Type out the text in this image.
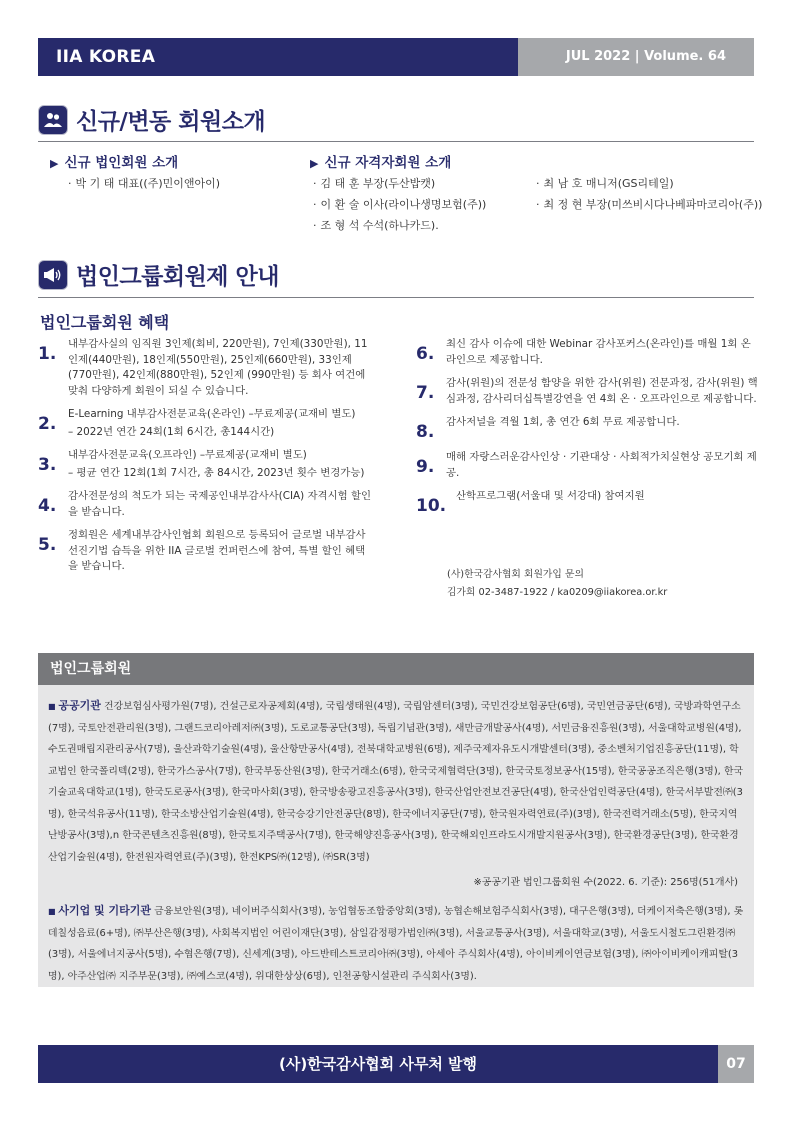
IIA KOREA	JUL 2022 | Volume. 64
신규/변동 회원소개
▶ 신규 법인회원 소개
· 박 기 태 대표((주)민이앤아이)
▶ 신규 자격자회원 소개
· 김 태 훈 부장(두산밥캣)
· 이 환 술 이사(라이나생명보험(주))
· 조 형 석 수석(하나카드).
· 최 남 호 매니저(GS리테일)
· 최 정 현 부장(미쓰비시다나베파마코리아(주))
법인그룹회원제 안내
법인그룹회원 혜택
1.	내부감사실의 임직원 3인제(회비, 220만원), 7인제(330만원), 11인제(440만원), 18인제(550만원), 25인제(660만원), 33인제(770만원), 42인제(880만원), 52인제 (990만원) 등 회사 여건에 맞춰 다양하게 회원이 되실 수 있습니다.
2.	E-Learning 내부감사전문교육(온라인) –무료제공(교재비 별도)
– 2022년 연간 24회(1회 6시간, 총144시간)
3.	내부감사전문교육(오프라인) –무료제공(교재비 별도)
– 평균 연간 12회(1회 7시간, 총 84시간, 2023년 횟수 변경가능)
4.	감사전문성의 척도가 되는 국제공인내부감사사(CIA) 자격시험 할인을 받습니다.
5.	정회원은 세계내부감사인협회 회원으로 등록되어 글로벌 내부감사선진기법 습득을 위한 IIA 글로벌 컨퍼런스에 참여, 특별 할인 혜택을 받습니다.
6.	최신 감사 이슈에 대한 Webinar 감사포커스(온라인)를 매월 1회 온라인으로 제공합니다.
7.	감사(위원)의 전문성 함양을 위한 감사(위원) 전문과정, 감사(위원) 핵심과정, 감사리더십특별강연을 연 4회 온 · 오프라인으로 제공합니다.
8.	감사저널을 격월 1회, 총 연간 6회 무료 제공합니다.
9.	매해 자랑스러운감사인상 · 기관대상 · 사회적가치실현상 공모기회 제공.
10. 산학프로그램(서울대 및 서강대) 참여지원
(사)한국감사협회 회원가입 문의
김가희 02-3487-1922 / ka0209@iiakorea.or.kr
법인그룹회원

■ 공공기관 건강보험심사평가원(7명), 건설근로자공제회(4명), 국립생태원(4명), 국립암센터(3명), 국민건강보험공단(6명), 국민연금공단(6명), 국방과학연구소(7명), 국토안전관리원(3명), 그랜드코리아레저㈜(3명), 도로교통공단(3명), 독립기념관(3명), 새만금개발공사(4명), 서민금융진흥원(3명), 서울대학교병원(4명), 수도권매립지관리공사(7명), 울산과학기술원(4명), 울산항만공사(4명), 전북대학교병원(6명), 제주국제자유도시개발센터(3명), 중소벤처기업진흥공단(11명), 학교법인 한국폴리텍(2명), 한국가스공사(7명), 한국부동산원(3명), 한국거래소(6명), 한국국제협력단(3명), 한국국토정보공사(15명), 한국공공조직은행(3명), 한국기술교육대학교(1명), 한국도로공사(3명), 한국마사회(3명), 한국방송광고진흥공사(3명), 한국산업안전보건공단(4명), 한국산업인력공단(4명), 한국서부발전㈜(3명), 한국석유공사(11명), 한국소방산업기술원(4명), 한국승강기안전공단(8명), 한국에너지공단(7명), 한국원자력연료(주)(3명), 한국전력거래소(5명), 한국지역난방공사(3명),n 한국콘텐츠진흥원(8명), 한국토지주택공사(7명), 한국해양진흥공사(3명), 한국해외인프라도시개발지원공사(3명), 한국환경공단(3명), 한국환경산업기술원(4명), 한전원자력연료(주)(3명), 한전KPS㈜(12명), ㈜SR(3명)

※공공기관 법인그룹회원 수(2022. 6. 기준): 256명(51개사)

■ 사기업 및 기타기관 금융보안원(3명), 네이버주식회사(3명), 농업협동조합중앙회(3명), 농협손해보험주식회사(3명), 대구은행(3명), 더케이저축은행(3명), 롯데칠성음료(6+명), ㈜부산은행(3명), 사회복지법인 어린이재단(3명), 삼일감정평가법인㈜(3명), 서울교통공사(3명), 서울대학교(3명), 서울도시철도그린환경㈜(3명), 서울에너지공사(5명), 수협은행(7명), 신세계(3명), 아드반테스트코리아㈜(3명), 아세아 주식회사(4명), 아이비케이연금보험(3명), ㈜아이비케이캐피탈(3명), 아주산업㈜ 지주부문(3명), ㈜예스코(4명), 위대한상상(6명), 인천공항시설관리 주식회사(3명).

(사)한국감사협회 사무처 발행	07
